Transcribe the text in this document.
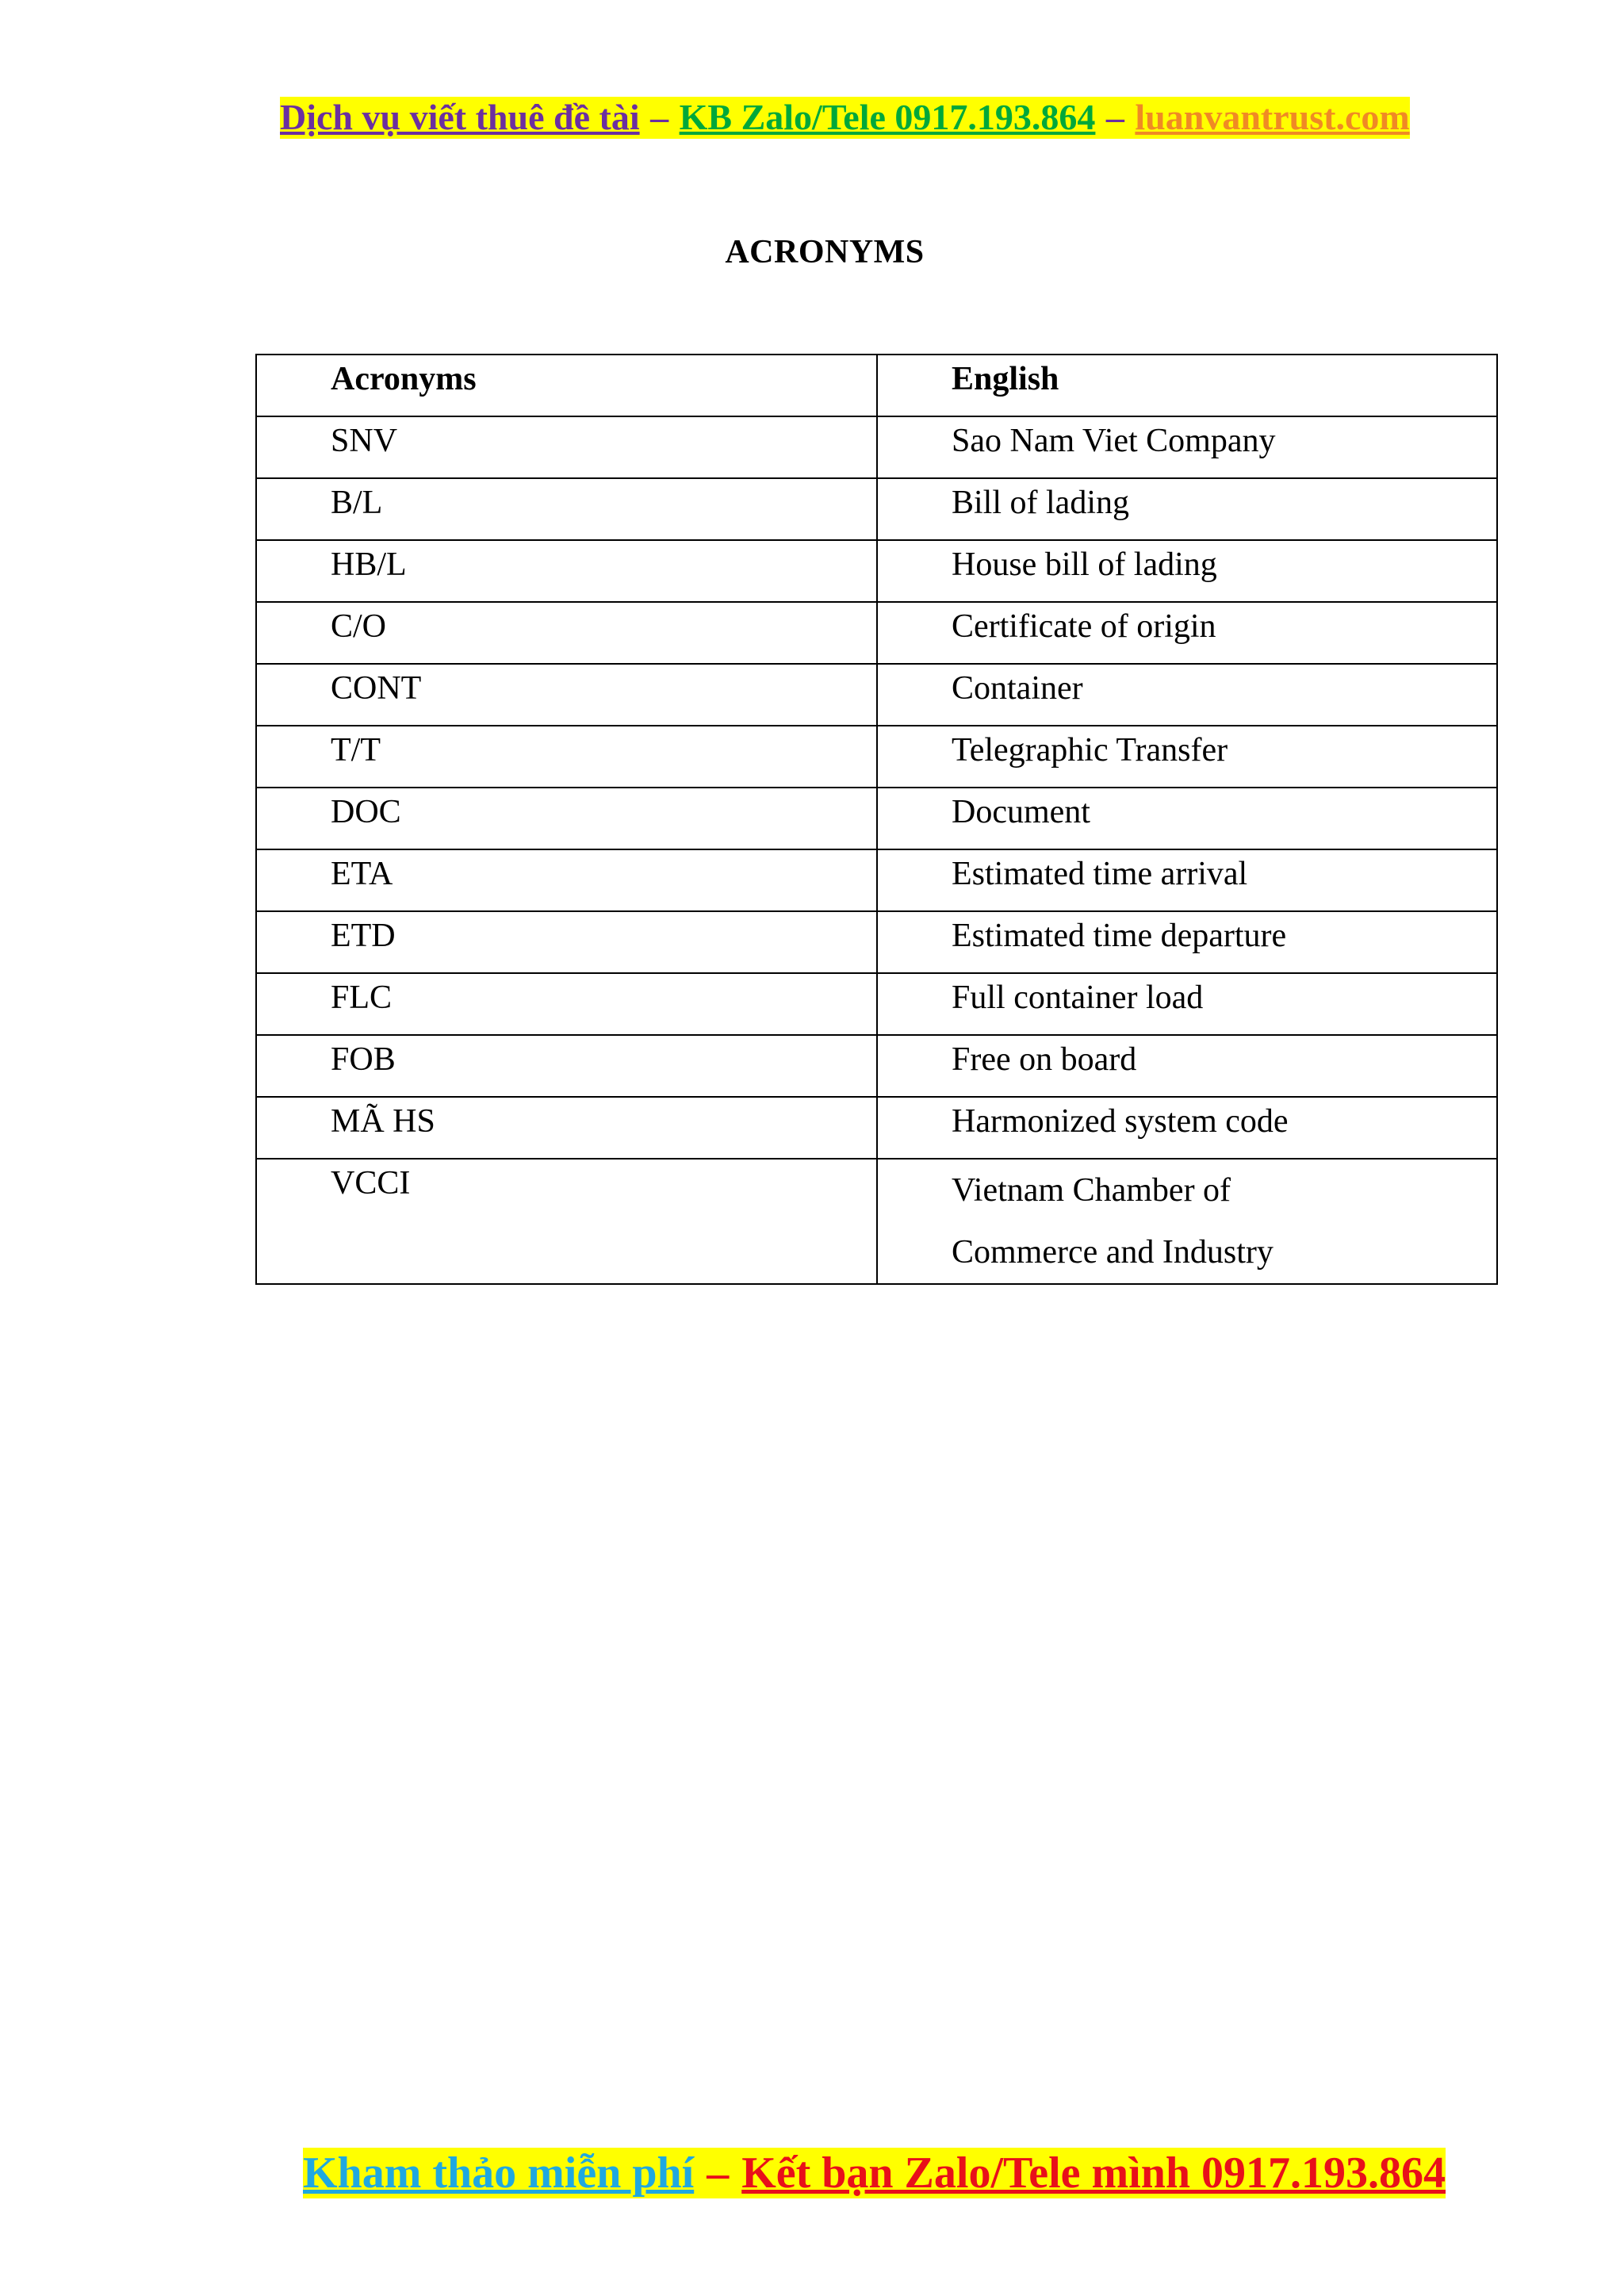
Dịch vụ viết thuê đề tài – KB Zalo/Tele 0917.193.864 – luanvantrust.com
ACRONYMS
Acronyms	English
SNV	Sao Nam Viet Company
B/L	Bill of lading
HB/L	House bill of lading
C/O	Certificate of origin
CONT	Container
T/T	Telegraphic Transfer
DOC	Document
ETA	Estimated time arrival
ETD	Estimated time departure
FLC	Full container load
FOB	Free on board
MÃ HS	Harmonized system code
VCCI	Vietnam Chamber of Commerce and Industry
Kham thảo miễn phí – Kết bạn Zalo/Tele mình 0917.193.864
